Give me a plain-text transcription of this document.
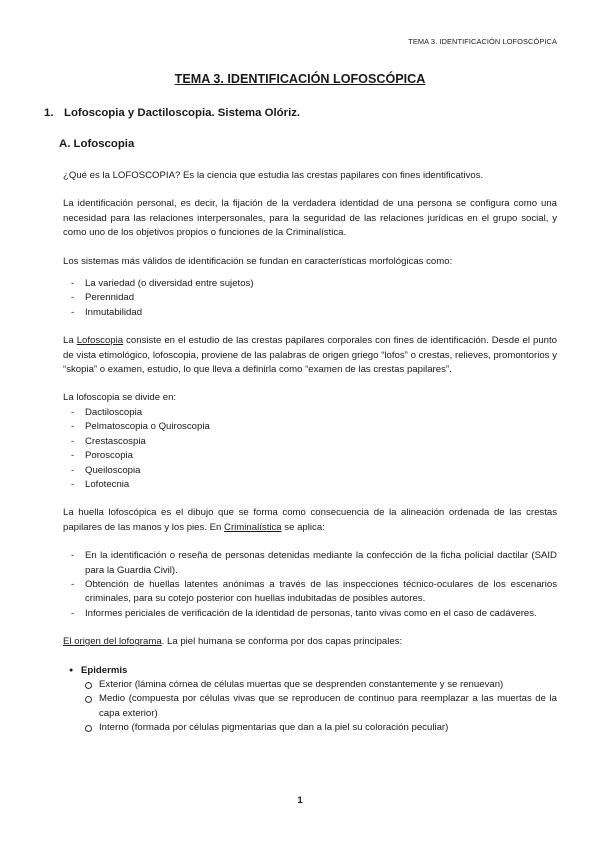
TEMA 3. IDENTIFICACIÓN LOFOSCÓPICA
TEMA 3. IDENTIFICACIÓN LOFOSCÓPICA
1. Lofoscopia y Dactiloscopia. Sistema Olóriz.
A. Lofoscopia

¿Qué es la LOFOSCOPIA? Es la ciencia que estudia las crestas papilares con fines identificativos.

La identificación personal, es decir, la fijación de la verdadera identidad de una persona se configura como una necesidad para las relaciones interpersonales, para la seguridad de las relaciones jurídicas en el grupo social, y como uno de los objetivos propios o funciones de la Criminalística.

Los sistemas más válidos de identificación se fundan en características morfológicas como:

- La variedad (o diversidad entre sujetos)
- Perennidad
- Inmutabilidad

La Lofoscopia consiste en el estudio de las crestas papilares corporales con fines de identificación. Desde el punto de vista etimológico, lofoscopia, proviene de las palabras de origen griego “lofos” o crestas, relieves, promontorios y “skopia” o examen, estudio, lo que lleva a definirla como “examen de las crestas papilares”.

La lofoscopia se divide en:

- Dactiloscopia
- Pelmatoscopia o Quiroscopia
- Crestascospia
- Poroscopia
- Queiloscopia
- Lofotecnia

La huella lofoscópica es el dibujo que se forma como consecuencia de la alineación ordenada de las crestas papilares de las manos y los pies. En Criminalística se aplica:

- En la identificación o reseña de personas detenidas mediante la confección de la ficha policial dactilar (SAID para la Guardia Civil).
- Obtención de huellas latentes anónimas a través de las inspecciones técnico-oculares de los escenarios criminales, para su cotejo posterior con huellas indubitadas de posibles autores.
- Informes periciales de verificación de la identidad de personas, tanto vivas como en el caso de cadáveres.

El origen del lofograma. La piel humana se conforma por dos capas principales:

● Epidermis
Exterior (lámina córnea de células muertas que se desprenden constantemente y se renuevan)
Medio (compuesta por células vivas que se reproducen de continuo para reemplazar a las muertas de la capa exterior)
Interno (formada por células pigmentarias que dan a la piel su coloración peculiar)
1
